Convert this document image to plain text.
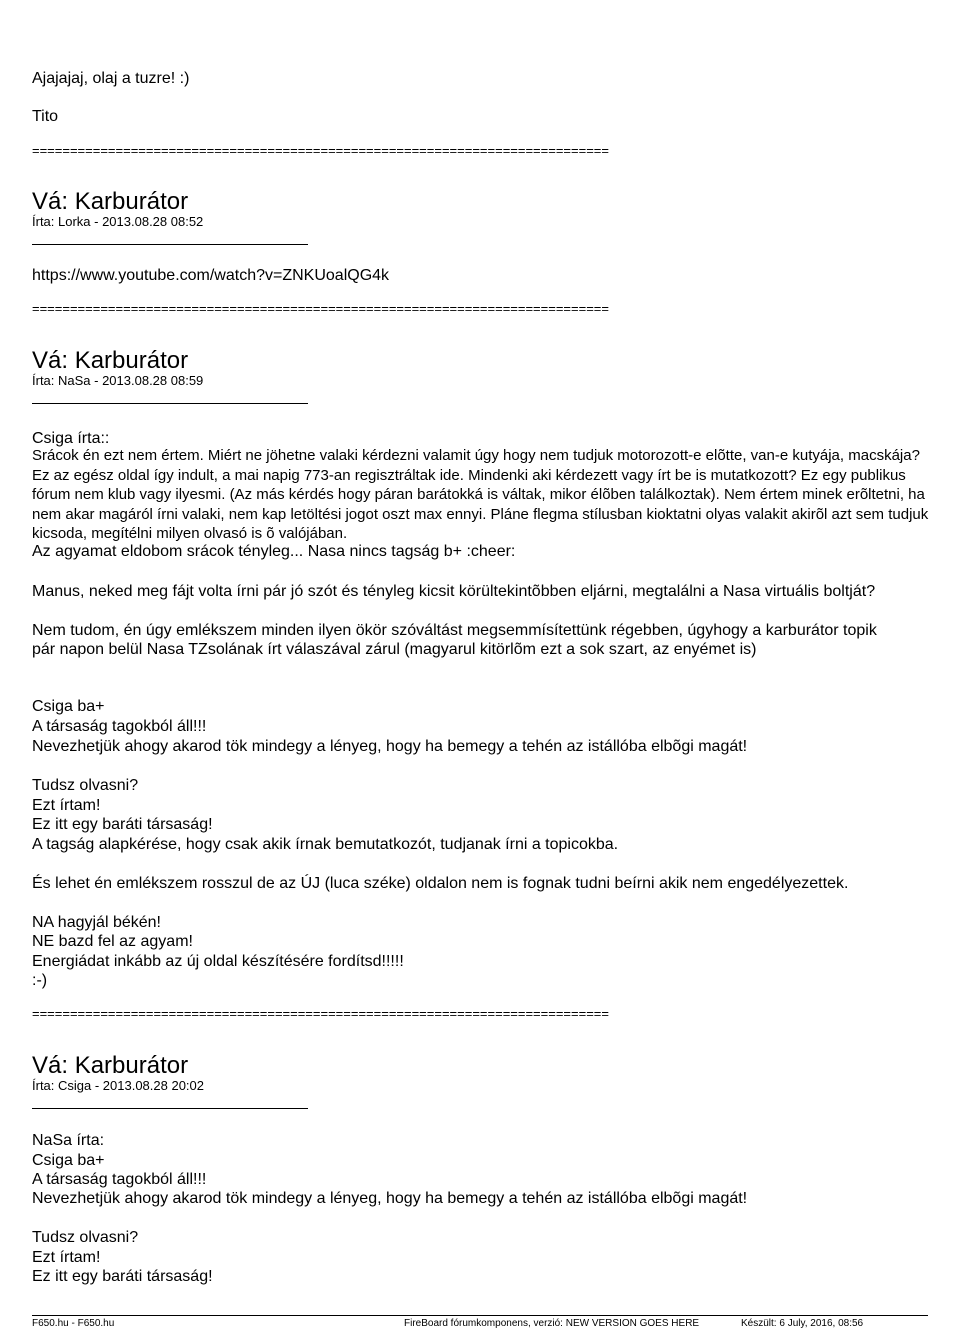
Ajajajaj, olaj a tuzre! :)
Tito
============================================================================
Vá: Karburátor
Írta: Lorka - 2013.08.28 08:52
https://www.youtube.com/watch?v=ZNKUoalQG4k
============================================================================
Vá: Karburátor
Írta: NaSa - 2013.08.28 08:59
Csiga írta::
Srácok én ezt nem értem. Miért ne jöhetne valaki kérdezni valamit úgy hogy nem tudjuk motorozott-e elõtte, van-e kutyája, macskája? Ez az egész oldal így indult, a mai napig 773-an regisztráltak ide. Mindenki aki kérdezett vagy írt be is mutatkozott? Ez egy publikus fórum nem klub vagy ilyesmi. (Az más kérdés hogy páran barátokká is váltak, mikor élõben találkoztak). Nem értem minek erõltetni, ha nem akar magáról írni valaki, nem kap letöltési jogot oszt max ennyi. Pláne flegma stílusban kioktatni olyas valakit akirõl azt sem tudjuk kicsoda, megítélni milyen olvasó is õ valójában.
Az agyamat eldobom srácok tényleg... Nasa nincs tagság b+ :cheer:
Manus, neked meg fájt volta írni pár jó szót és tényleg kicsit körültekintõbben eljárni, megtalálni a Nasa virtuális boltját?
Nem tudom, én úgy emlékszem minden ilyen ökör szóváltást megsemmísítettünk régebben, úgyhogy a karburátor topik
pár napon belül Nasa TZsolának írt válaszával zárul (magyarul kitörlõm ezt a sok szart, az enyémet is)
Csiga ba+
A társaság tagokból áll!!!
Nevezhetjük ahogy akarod tök mindegy a lényeg, hogy ha bemegy a tehén az istállóba elbõgi magát!
Tudsz olvasni?
Ezt írtam!
Ez itt egy baráti társaság!
A tagság alapkérése, hogy csak akik írnak bemutatkozót, tudjanak írni a topicokba.
És lehet én emlékszem rosszul de az ÚJ (luca széke) oldalon nem is fognak tudni beírni akik nem engedélyezettek.
NA hagyjál békén!
NE bazd fel az agyam!
Energiádat inkább az új oldal készítésére fordítsd!!!!!
:-)
============================================================================
Vá: Karburátor
Írta: Csiga - 2013.08.28 20:02
NaSa írta:
Csiga ba+
A társaság tagokból áll!!!
Nevezhetjük ahogy akarod tök mindegy a lényeg, hogy ha bemegy a tehén az istállóba elbõgi magát!
Tudsz olvasni?
Ezt írtam!
Ez itt egy baráti társaság!
F650.hu - F650.hu	FireBoard fórumkomponens, verzió: NEW VERSION GOES HERE	Készült: 6 July, 2016, 08:56
